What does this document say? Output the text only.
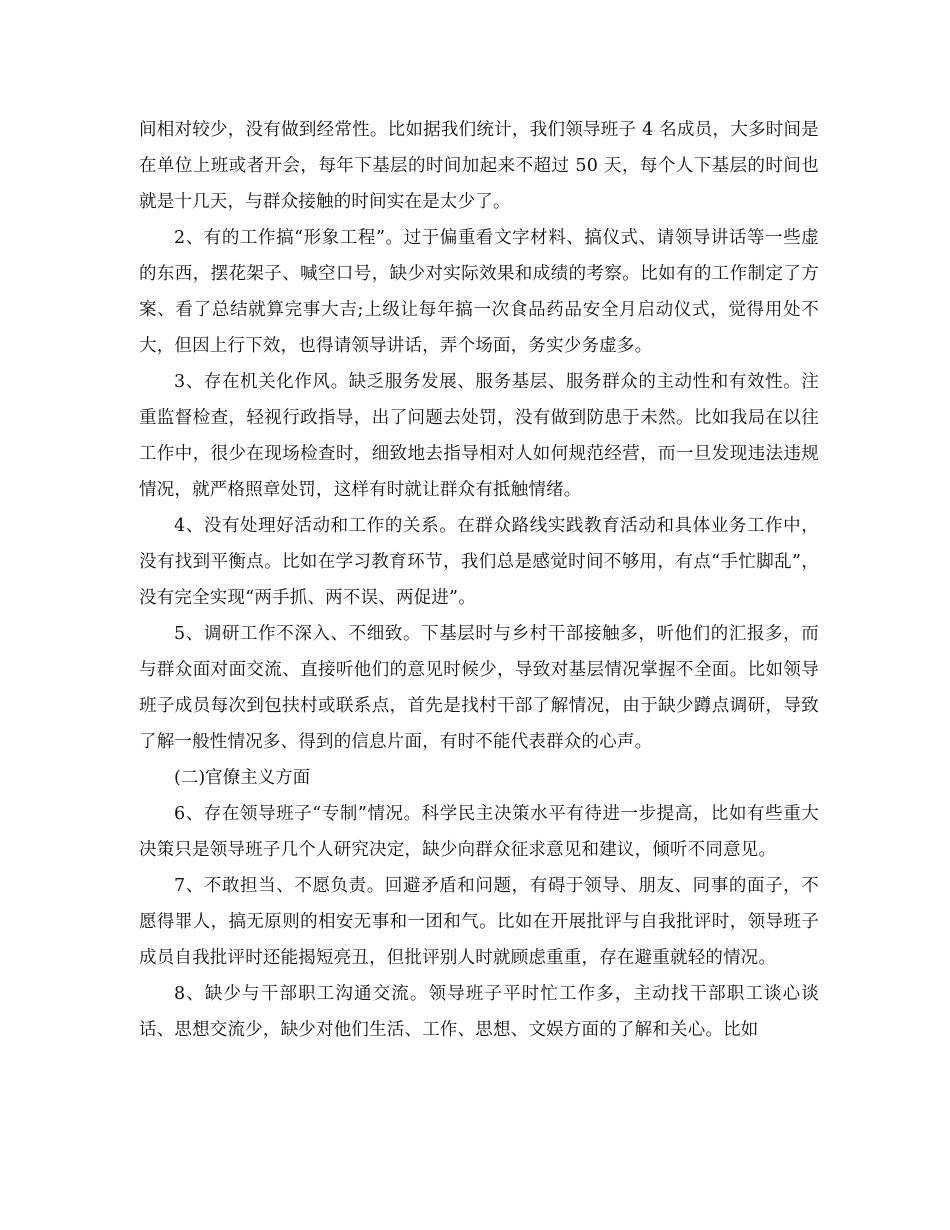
间相对较少，没有做到经常性。比如据我们统计，我们领导班子 4 名成员，大多时间是在单位上班或者开会，每年下基层的时间加起来不超过 50 天，每个人下基层的时间也就是十几天，与群众接触的时间实在是太少了。

2、有的工作搞“形象工程”。过于偏重看文字材料、搞仪式、请领导讲话等一些虚的东西，摆花架子、喊空口号，缺少对实际效果和成绩的考察。比如有的工作制定了方案、看了总结就算完事大吉;上级让每年搞一次食品药品安全月启动仪式，觉得用处不大，但因上行下效，也得请领导讲话，弄个场面，务实少务虚多。

3、存在机关化作风。缺乏服务发展、服务基层、服务群众的主动性和有效性。注重监督检查，轻视行政指导，出了问题去处罚，没有做到防患于未然。比如我局在以往工作中，很少在现场检查时，细致地去指导相对人如何规范经营，而一旦发现违法违规情况，就严格照章处罚，这样有时就让群众有抵触情绪。

4、没有处理好活动和工作的关系。在群众路线实践教育活动和具体业务工作中，没有找到平衡点。比如在学习教育环节，我们总是感觉时间不够用，有点“手忙脚乱”，没有完全实现“两手抓、两不误、两促进”。

5、调研工作不深入、不细致。下基层时与乡村干部接触多，听他们的汇报多，而与群众面对面交流、直接听他们的意见时候少，导致对基层情况掌握不全面。比如领导班子成员每次到包扶村或联系点，首先是找村干部了解情况，由于缺少蹲点调研，导致了解一般性情况多、得到的信息片面，有时不能代表群众的心声。

(二)官僚主义方面

6、存在领导班子“专制”情况。科学民主决策水平有待进一步提高，比如有些重大决策只是领导班子几个人研究决定，缺少向群众征求意见和建议，倾听不同意见。

7、不敢担当、不愿负责。回避矛盾和问题，有碍于领导、朋友、同事的面子，不愿得罪人，搞无原则的相安无事和一团和气。比如在开展批评与自我批评时，领导班子成员自我批评时还能揭短亮丑，但批评别人时就顾虑重重，存在避重就轻的情况。

8、缺少与干部职工沟通交流。领导班子平时忙工作多，主动找干部职工谈心谈话、思想交流少，缺少对他们生活、工作、思想、文娱方面的了解和关心。比如
